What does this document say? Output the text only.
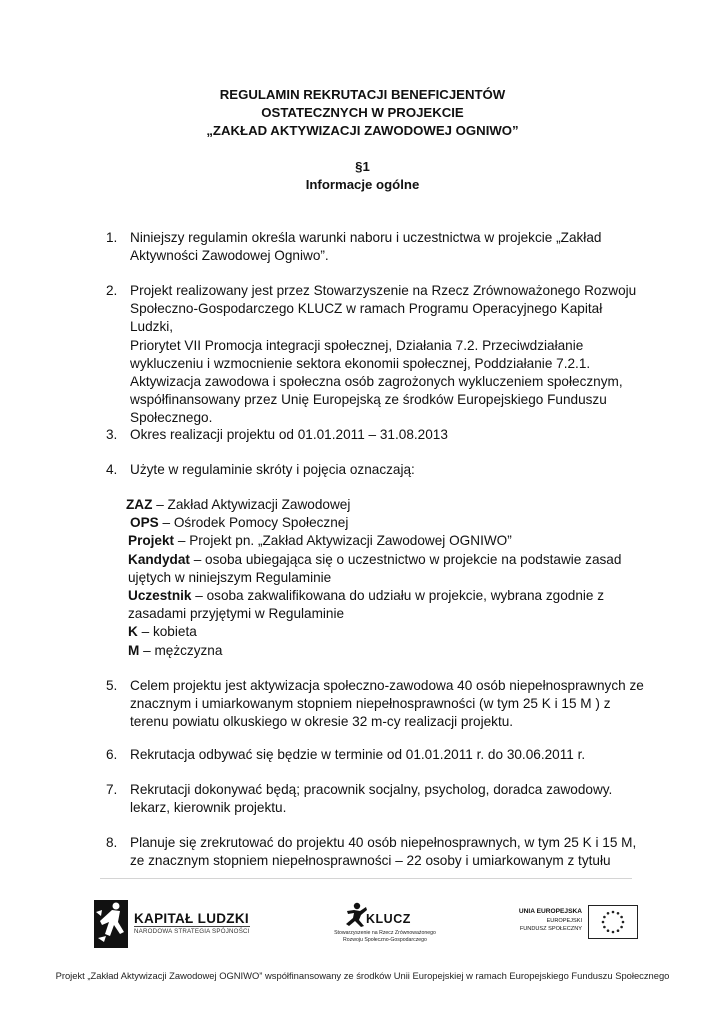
REGULAMIN REKRUTACJI BENEFICJENTÓW
OSTATECZNYCH W PROJEKCIE
„ZAKŁAD AKTYWIZACJI ZAWODOWEJ OGNIWO”
§1
Informacje ogólne
1. Niniejszy regulamin określa warunki naboru i uczestnictwa w projekcie „Zakład
Aktywności Zawodowej Ogniwo”.
2. Projekt realizowany jest przez Stowarzyszenie na Rzecz Zrównoważonego Rozwoju
Społeczno-Gospodarczego KLUCZ w ramach Programu Operacyjnego Kapitał Ludzki,
Priorytet VII Promocja integracji społecznej, Działania 7.2. Przeciwdziałanie
wykluczeniu i wzmocnienie sektora ekonomii społecznej, Poddziałanie 7.2.1.
Aktywizacja zawodowa i społeczna osób zagrożonych wykluczeniem społecznym,
współfinansowany przez Unię Europejską ze środków Europejskiego Funduszu
Społecznego.
3. Okres realizacji projektu od 01.01.2011 – 31.08.2013
4. Użyte w regulaminie skróty i pojęcia oznaczają:
5. Celem projektu jest aktywizacja społeczno-zawodowa 40 osób niepełnosprawnych ze
znacznym i umiarkowanym stopniem niepełnosprawności (w tym 25 K i 15 M ) z
terenu powiatu olkuskiego w okresie 32 m-cy realizacji projektu.
6. Rekrutacja odbywać się będzie w terminie od 01.01.2011 r. do 30.06.2011 r.
7. Rekrutacji dokonywać będą; pracownik socjalny, psycholog, doradca zawodowy.
lekarz, kierownik projektu.
8. Planuje się zrekrutować do projektu 40 osób niepełnosprawnych, w tym 25 K i 15 M,
ze znacznym stopniem niepełnosprawności – 22 osoby i umiarkowanym z tytułu
ZAZ – Zakład Aktywizacji Zawodowej
OPS – Ośrodek Pomocy Społecznej
Projekt – Projekt pn. „Zakład Aktywizacji Zawodowej OGNIWO”
Kandydat – osoba ubiegająca się o uczestnictwo w projekcie na podstawie zasad
ujętych w niniejszym Regulaminie
Uczestnik – osoba zakwalifikowana do udziału w projekcie, wybrana zgodnie z
zasadami przyjętymi w Regulaminie
K – kobieta
M – mężczyzna
KAPITAŁ LUDZKI
NARODOWA STRATEGIA SPÓJNOŚCI
KLUCZ
Stowarzyszenie na Rzecz Zrównoważonego
Rozwoju Społeczno-Gospodarczego
UNIA EUROPEJSKA
EUROPEJSKI
FUNDUSZ SPOŁECZNY
Projekt „Zakład Aktywizacji Zawodowej OGNIWO” współfinansowany ze środków Unii Europejskiej w ramach Europejskiego Funduszu Społecznego
